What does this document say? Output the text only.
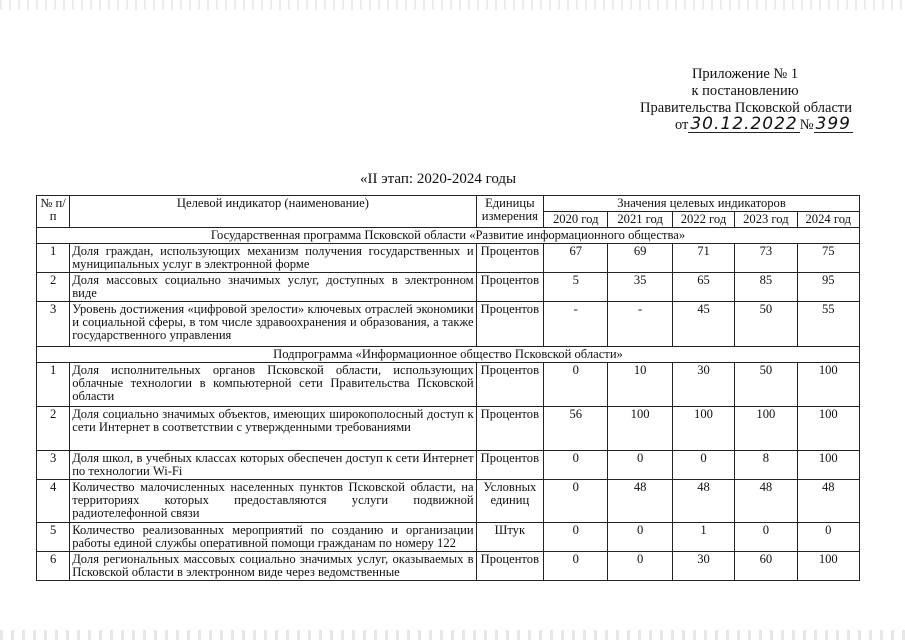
Приложение № 1
к постановлению
Правительства Псковской области
от 30.12.2022 № 399
«II этап: 2020-2024 годы
№ п/п	Целевой индикатор (наименование)	Единицы измерения	Значения целевых индикаторов				
			2020 год	2021 год	2022 год	2023 год	2024 год
Государственная программа Псковской области «Развитие информационного общества»							
1	Доля граждан, использующих механизм получения государственных и муниципальных услуг в электронной форме	Процентов	67	69	71	73	75
2	Доля массовых социально значимых услуг, доступных в электронном виде	Процентов	5	35	65	85	95
3	Уровень достижения «цифровой зрелости» ключевых отраслей экономики и социальной сферы, в том числе здравоохранения и образования, а также государственного управления	Процентов	-	-	45	50	55
Подпрограмма «Информационное общество Псковской области»							
1	Доля исполнительных органов Псковской области, использующих облачные технологии в компьютерной сети Правительства Псковской области	Процентов	0	10	30	50	100
2	Доля социально значимых объектов, имеющих широкополосный доступ к сети Интернет в соответствии с утвержденными требованиями	Процентов	56	100	100	100	100
3	Доля школ, в учебных классах которых обеспечен доступ к сети Интернет по технологии Wi-Fi	Процентов	0	0	0	8	100
4	Количество малочисленных населенных пунктов Псковской области, на территориях которых предоставляются услуги подвижной радиотелефонной связи	Условных единиц	0	48	48	48	48
5	Количество реализованных мероприятий по созданию и организации работы единой службы оперативной помощи гражданам по номеру 122	Штук	0	0	1	0	0
6	Доля региональных массовых социально значимых услуг, оказываемых в Псковской области в электронном виде через ведомственные	Процентов	0	0	30	60	100
